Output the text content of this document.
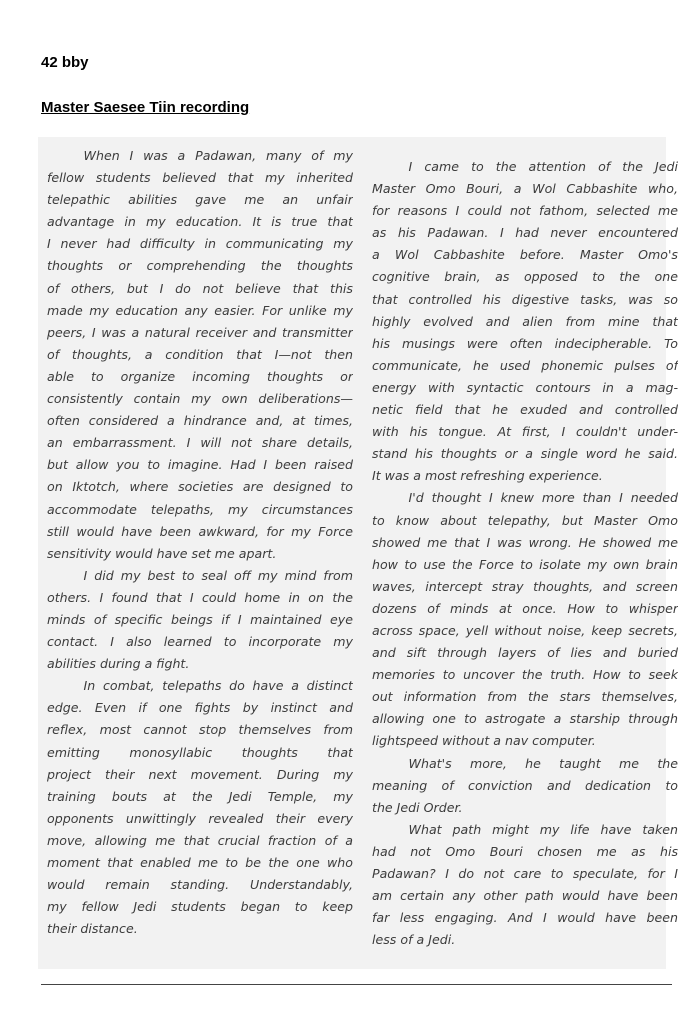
42 bby
Master Saesee Tiin recording

When I was a Padawan, many of my
fellow students believed that my inherited
telepathic abilities gave me an unfair
advantage in my education. It is true that
I never had difficulty in communicating my
thoughts or comprehending the thoughts
of others, but I do not believe that this
made my education any easier. For unlike my
peers, I was a natural receiver and transmitter
of thoughts, a condition that I—not then
able to organize incoming thoughts or
consistently contain my own deliberations—
often considered a hindrance and, at times,
an embarrassment. I will not share details,
but allow you to imagine. Had I been raised
on Iktotch, where societies are designed to
accommodate telepaths, my circumstances
still would have been awkward, for my Force
sensitivity would have set me apart.

I did my best to seal off my mind from
others. I found that I could home in on the
minds of specific beings if I maintained eye
contact. I also learned to incorporate my
abilities during a fight.

In combat, telepaths do have a distinct
edge. Even if one fights by instinct and
reflex, most cannot stop themselves from
emitting monosyllabic thoughts that
project their next movement. During my
training bouts at the Jedi Temple, my
opponents unwittingly revealed their every
move, allowing me that crucial fraction of a
moment that enabled me to be the one who
would remain standing. Understandably,
my fellow Jedi students began to keep
their distance.

I came to the attention of the Jedi
Master Omo Bouri, a Wol Cabbashite who,
for reasons I could not fathom, selected me
as his Padawan. I had never encountered
a Wol Cabbashite before. Master Omo's
cognitive brain, as opposed to the one
that controlled his digestive tasks, was so
highly evolved and alien from mine that
his musings were often indecipherable. To
communicate, he used phonemic pulses of
energy with syntactic contours in a mag-
netic field that he exuded and controlled
with his tongue. At first, I couldn't under-
stand his thoughts or a single word he said.
It was a most refreshing experience.

I'd thought I knew more than I needed
to know about telepathy, but Master Omo
showed me that I was wrong. He showed me
how to use the Force to isolate my own brain
waves, intercept stray thoughts, and screen
dozens of minds at once. How to whisper
across space, yell without noise, keep secrets,
and sift through layers of lies and buried
memories to uncover the truth. How to seek
out information from the stars themselves,
allowing one to astrogate a starship through
lightspeed without a nav computer.

What's more, he taught me the
meaning of conviction and dedication to
the Jedi Order.

What path might my life have taken
had not Omo Bouri chosen me as his
Padawan? I do not care to speculate, for I
am certain any other path would have been
far less engaging. And I would have been
less of a Jedi.
